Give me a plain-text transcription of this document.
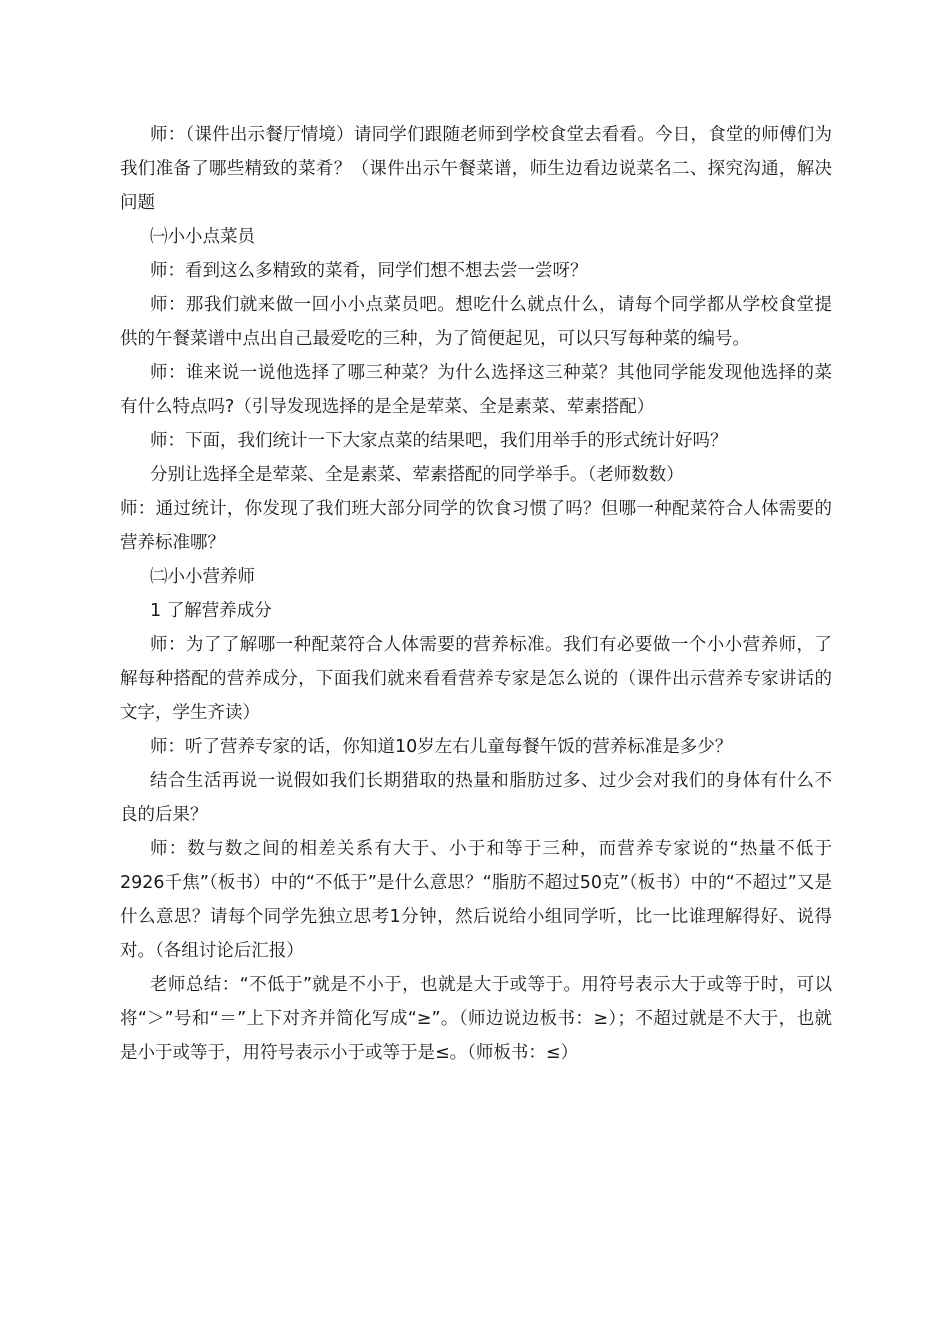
师：（课件出示餐厅情境）请同学们跟随老师到学校食堂去看看。今日，食堂的师傅们为我们准备了哪些精致的菜肴？（课件出示午餐菜谱，师生边看边说菜名二、探究沟通，解决问题

㈠小小点菜员

师：看到这么多精致的菜肴，同学们想不想去尝一尝呀？

师：那我们就来做一回小小点菜员吧。想吃什么就点什么，请每个同学都从学校食堂提供的午餐菜谱中点出自己最爱吃的三种，为了简便起见，可以只写每种菜的编号。

师：谁来说一说他选择了哪三种菜？为什么选择这三种菜？其他同学能发现他选择的菜有什么特点吗?（引导发现选择的是全是荤菜、全是素菜、荤素搭配）

师：下面，我们统计一下大家点菜的结果吧，我们用举手的形式统计好吗？

分别让选择全是荤菜、全是素菜、荤素搭配的同学举手。（老师数数）

师：通过统计，你发现了我们班大部分同学的饮食习惯了吗？但哪一种配菜符合人体需要的营养标准哪？

㈡小小营养师

1 了解营养成分

师：为了了解哪一种配菜符合人体需要的营养标准。我们有必要做一个小小营养师，了解每种搭配的营养成分，下面我们就来看看营养专家是怎么说的（课件出示营养专家讲话的文字，学生齐读）

师：听了营养专家的话，你知道10岁左右儿童每餐午饭的营养标准是多少？

结合生活再说一说假如我们长期猎取的热量和脂肪过多、过少会对我们的身体有什么不良的后果？

师：数与数之间的相差关系有大于、小于和等于三种，而营养专家说的“热量不低于2926千焦”（板书）中的“不低于”是什么意思？“脂肪不超过50克”（板书）中的“不超过”又是什么意思？请每个同学先独立思考1分钟，然后说给小组同学听，比一比谁理解得好、说得对。（各组讨论后汇报）

老师总结：“不低于”就是不小于，也就是大于或等于。用符号表示大于或等于时，可以将“＞”号和“＝”上下对齐并简化写成“≥”。（师边说边板书：≥）；不超过就是不大于，也就是小于或等于，用符号表示小于或等于是≤。（师板书：≤）
